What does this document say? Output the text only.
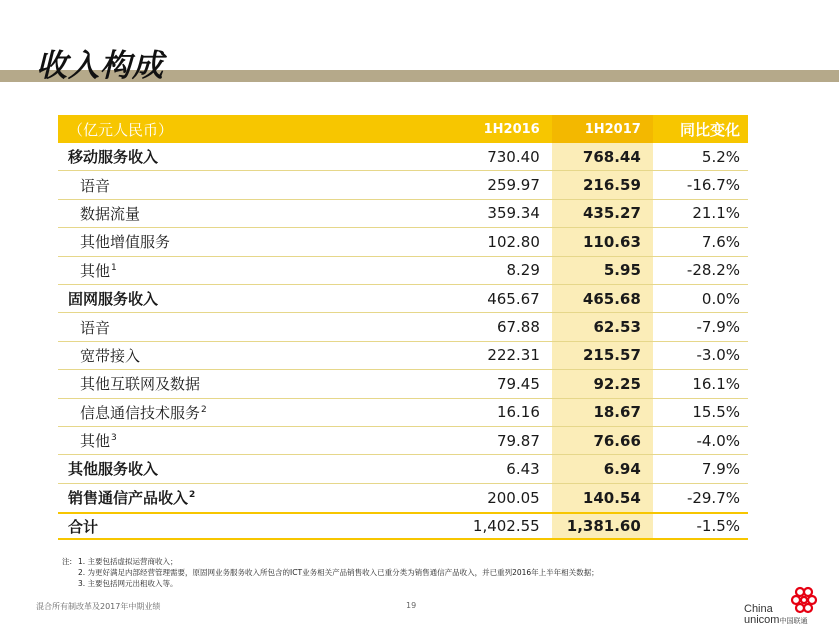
收入构成
（亿元人民币）	1H2016	1H2017	同比变化
移动服务收入	730.40	768.44	5.2%
语音	259.97	216.59	-16.7%
数据流量	359.34	435.27	21.1%
其他增值服务	102.80	110.63	7.6%
其他$^1$	8.29	5.95	-28.2%
固网服务收入	465.67	465.68	0.0%
语音	67.88	62.53	-7.9%
宽带接入	222.31	215.57	-3.0%
其他互联网及数据	79.45	92.25	16.1%
信息通信技术服务$^2$	16.16	18.67	15.5%
其他$^3$	79.87	76.66	-4.0%
其他服务收入	6.43	6.94	7.9%
销售通信产品收入$^2$	200.05	140.54	-29.7%
合计	1,402.55	1,381.60	-1.5%
注: 1. 主要包括虚拟运营商收入；
2. 为更好满足内部经营管理需要，原固网业务服务收入所包含的ICT业务相关产品销售收入已重分类为销售通信产品收入，并已重列2016年上半年相关数据；
3. 主要包括网元出租收入等。
混合所有制改革及2017年中期业绩	19	China
unicom中国联通
